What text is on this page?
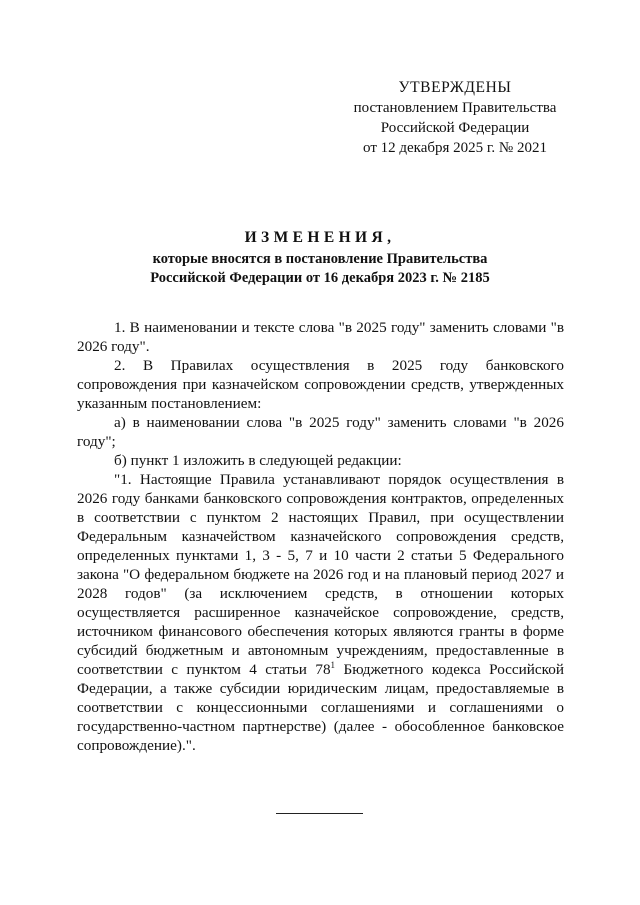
УТВЕРЖДЕНЫ
постановлением Правительства
Российской Федерации
от 12 декабря 2025 г. № 2021
ИЗМЕНЕНИЯ,
которые вносятся в постановление Правительства
Российской Федерации от 16 декабря 2023 г. № 2185

1. В наименовании и тексте слова "в 2025 году" заменить словами "в 2026 году".

2. В Правилах осуществления в 2025 году банковского сопровождения при казначейском сопровождении средств, утвержденных указанным постановлением:

а) в наименовании слова "в 2025 году" заменить словами "в 2026 году";

б) пункт 1 изложить в следующей редакции:

"1. Настоящие Правила устанавливают порядок осуществления в 2026 году банками банковского сопровождения контрактов, определенных в соответствии с пунктом 2 настоящих Правил, при осуществлении Федеральным казначейством казначейского сопровождения средств, определенных пунктами 1, 3 - 5, 7 и 10 части 2 статьи 5 Федерального закона "О федеральном бюджете на 2026 год и на плановый период 2027 и 2028 годов" (за исключением средств, в отношении которых осуществляется расширенное казначейское сопровождение, средств, источником финансового обеспечения которых являются гранты в форме субсидий бюджетным и автономным учреждениям, предоставленные в соответствии с пунктом 4 статьи $78^1$ Бюджетного кодекса Российской Федерации, а также субсидии юридическим лицам, предоставляемые в соответствии с концессионными соглашениями и соглашениями о государственно-частном партнерстве) (далее - обособленное банковское сопровождение).".
